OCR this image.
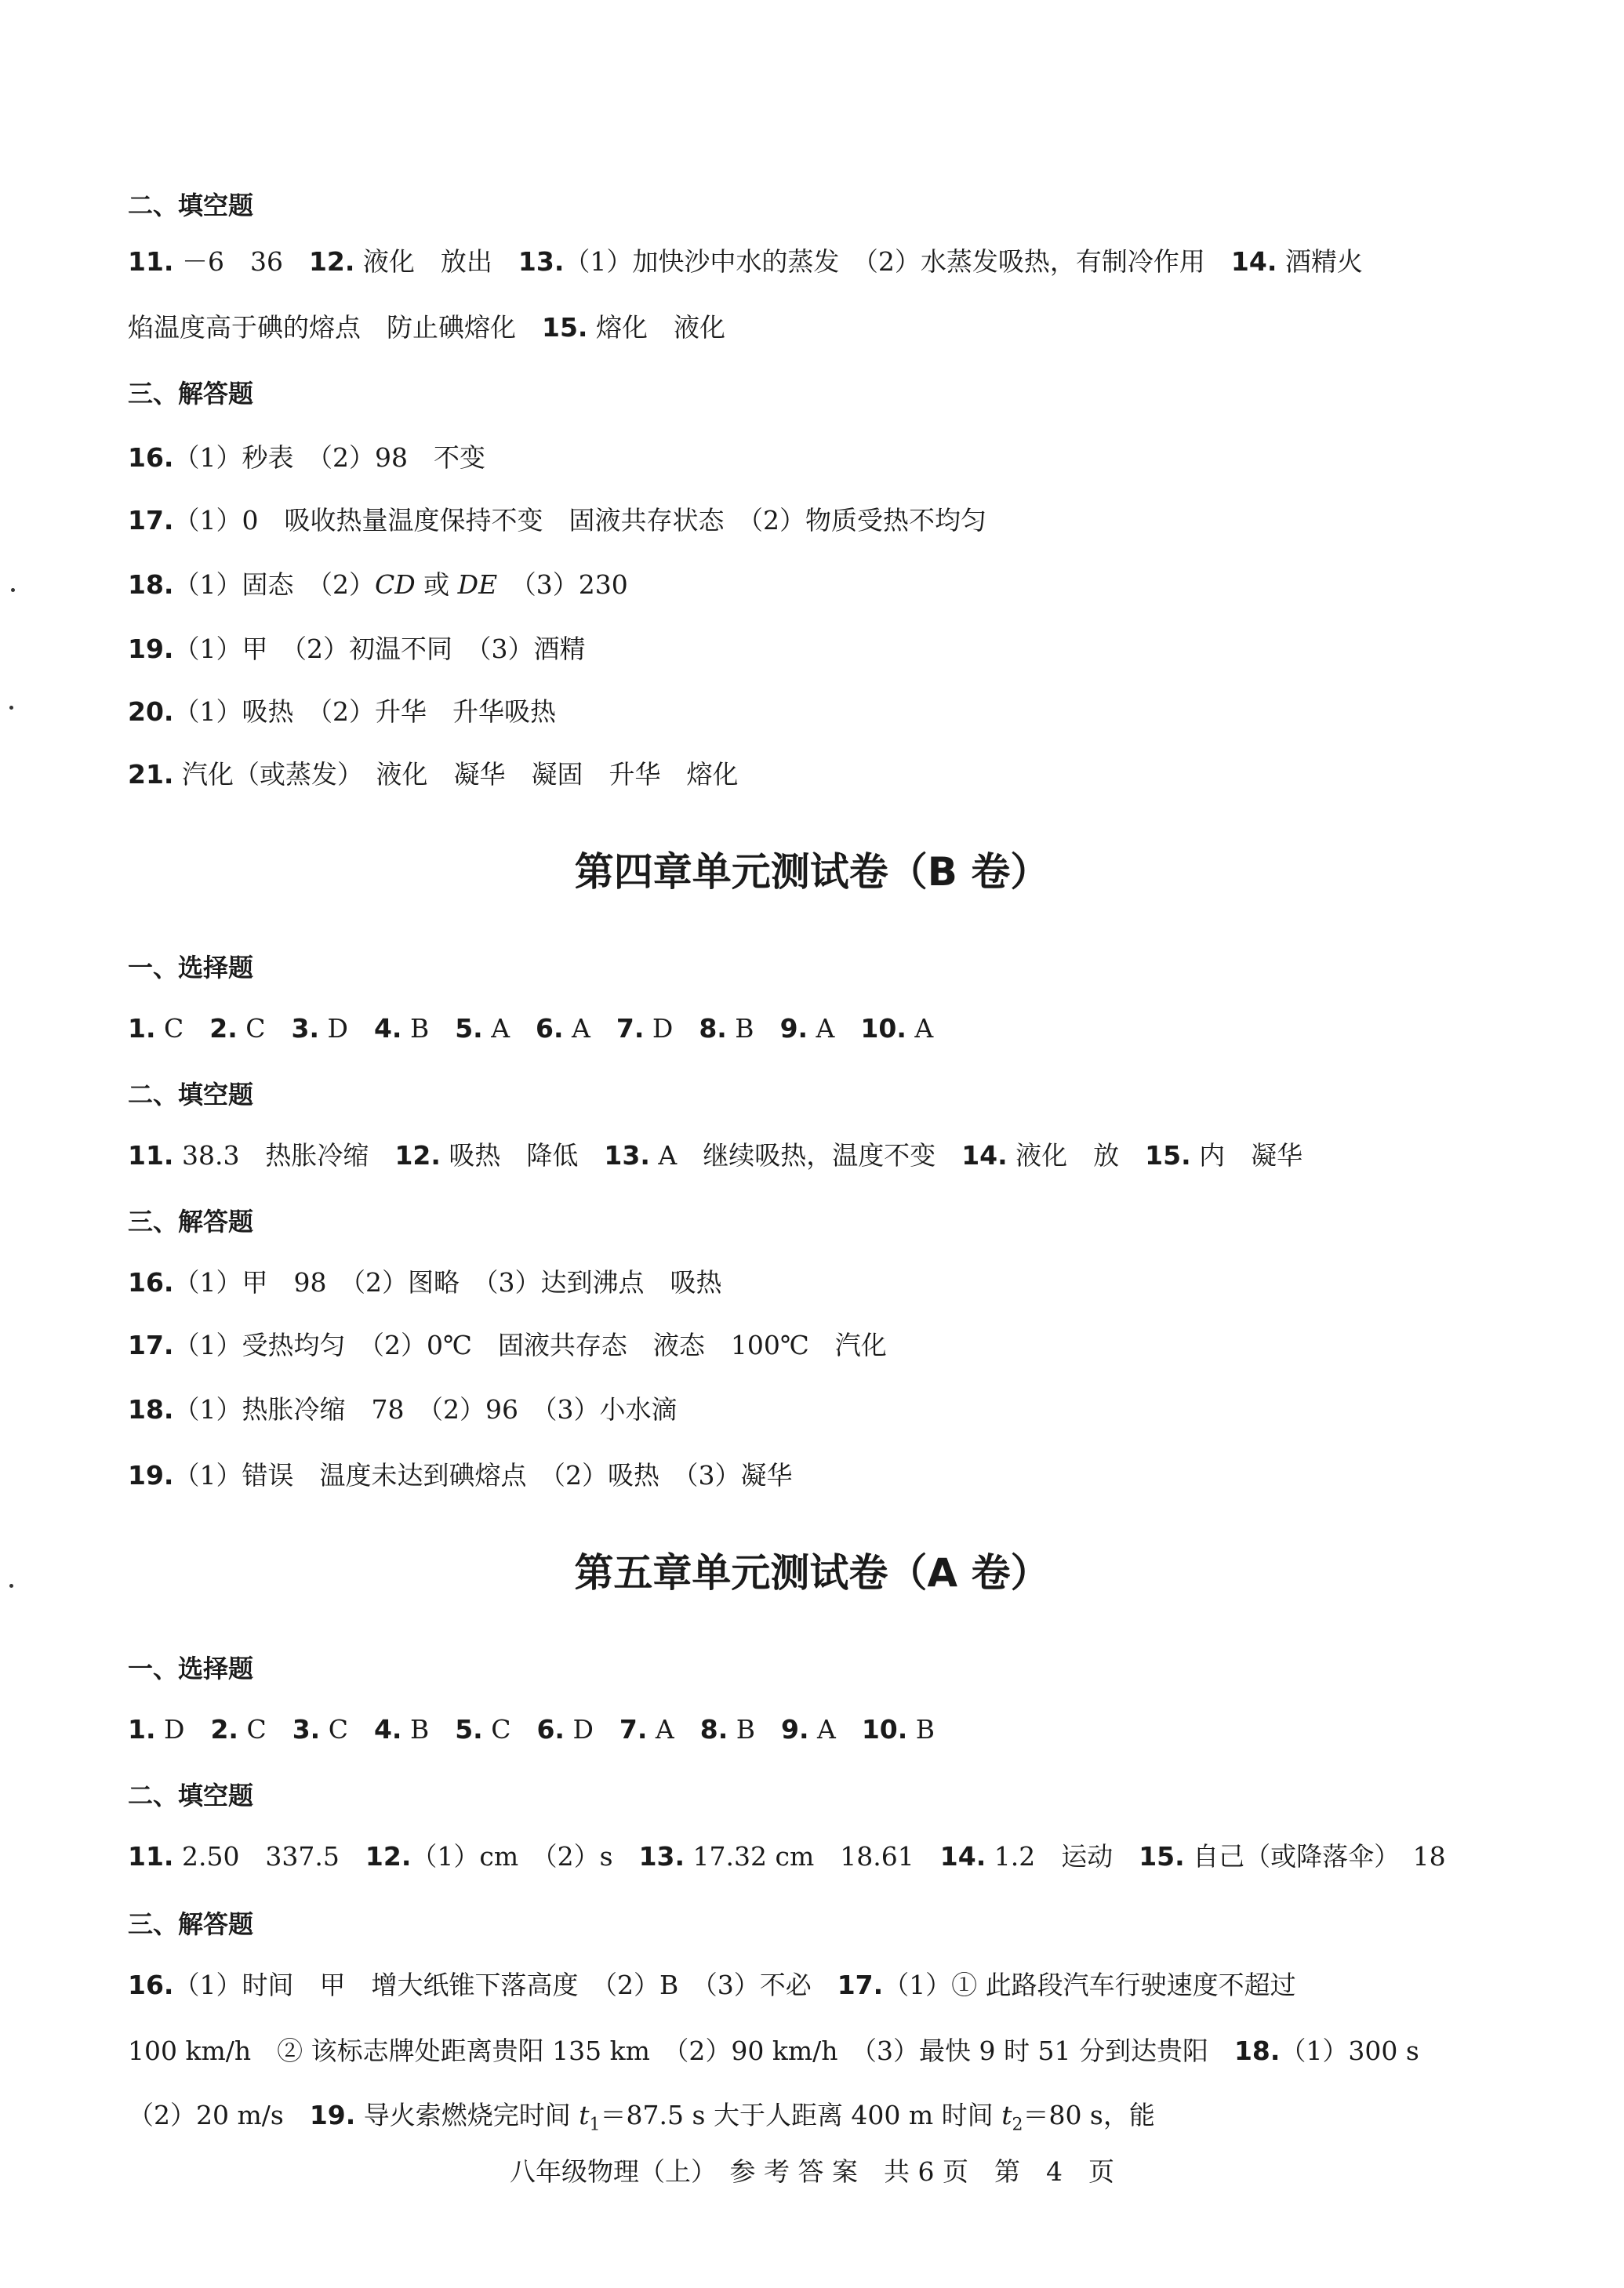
二、填空题
11. －6　36　12. 液化　放出　13.（1）加快沙中水的蒸发　（2）水蒸发吸热，有制冷作用　14. 酒精火
焰温度高于碘的熔点　防止碘熔化　15. 熔化　液化
三、解答题
16.（1）秒表　（2）98　不变
17.（1）0　吸收热量温度保持不变　固液共存状态　（2）物质受热不均匀
18.（1）固态　（2）CD 或 DE　（3）230
19.（1）甲　（2）初温不同　（3）酒精
20.（1）吸热　（2）升华　升华吸热
21. 汽化（或蒸发）　液化　凝华　凝固　升华　熔化
第四章单元测试卷（B 卷）
一、选择题
1. C　2. C　3. D　4. B　5. A　6. A　7. D　8. B　9. A　10. A
二、填空题
11. 38.3　热胀冷缩　12. 吸热　降低　13. A　继续吸热，温度不变　14. 液化　放　15. 内　凝华
三、解答题
16.（1）甲　98　（2）图略　（3）达到沸点　吸热
17.（1）受热均匀　（2）0℃　固液共存态　液态　100℃　汽化
18.（1）热胀冷缩　78　（2）96　（3）小水滴
19.（1）错误　温度未达到碘熔点　（2）吸热　（3）凝华
第五章单元测试卷（A 卷）
一、选择题
1. D　2. C　3. C　4. B　5. C　6. D　7. A　8. B　9. A　10. B
二、填空题
11. 2.50　337.5　12.（1）cm　（2）s　13. 17.32 cm　18.61　14. 1.2　运动　15. 自己（或降落伞）　18
三、解答题
16.（1）时间　甲　增大纸锥下落高度　（2）B　（3）不必　17.（1）① 此路段汽车行驶速度不超过
100 km/h　② 该标志牌处距离贵阳 135 km　（2）90 km/h　（3）最快 9 时 51 分到达贵阳　18.（1）300 s
（2）20 m/s　19. 导火索燃烧完时间 $t_1=87.5$ s 大于人距离 400 m 时间 $t_2=80$ s，能
八年级物理（上）　参 考 答 案　共 6 页　第　4　页
